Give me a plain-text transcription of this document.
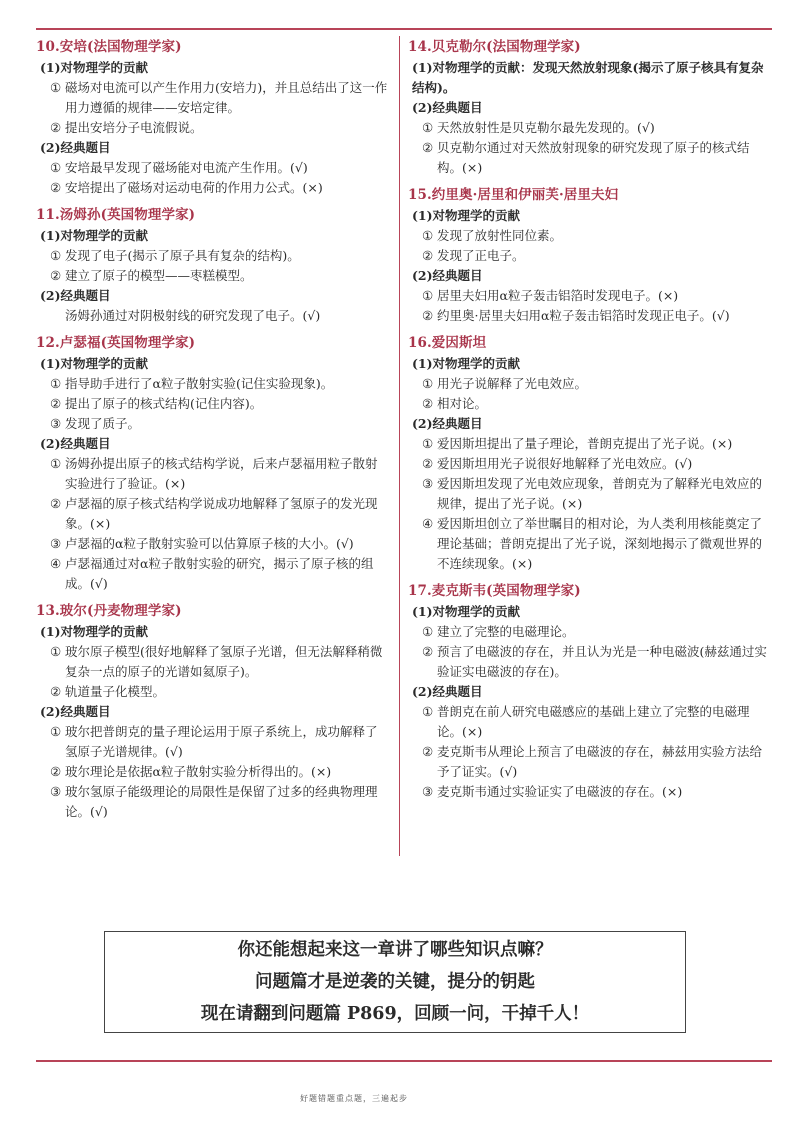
10.安培(法国物理学家)
(1)对物理学的贡献
① 磁场对电流可以产生作用力(安培力)，并且总结出了这一作用力遵循的规律——安培定律。
② 提出安培分子电流假说。
(2)经典题目
① 安培最早发现了磁场能对电流产生作用。(√)
② 安培提出了磁场对运动电荷的作用力公式。(×)
11.汤姆孙(英国物理学家)
(1)对物理学的贡献
① 发现了电子(揭示了原子具有复杂的结构)。
② 建立了原子的模型——枣糕模型。
(2)经典题目
汤姆孙通过对阴极射线的研究发现了电子。(√)
12.卢瑟福(英国物理学家)
(1)对物理学的贡献
① 指导助手进行了α粒子散射实验(记住实验现象)。
② 提出了原子的核式结构(记住内容)。
③ 发现了质子。
(2)经典题目
① 汤姆孙提出原子的核式结构学说，后来卢瑟福用粒子散射实验进行了验证。(×)
② 卢瑟福的原子核式结构学说成功地解释了氢原子的发光现象。(×)
③ 卢瑟福的α粒子散射实验可以估算原子核的大小。(√)
④ 卢瑟福通过对α粒子散射实验的研究，揭示了原子核的组成。(√)
13.玻尔(丹麦物理学家)
(1)对物理学的贡献
① 玻尔原子模型(很好地解释了氢原子光谱，但无法解释稍微复杂一点的原子的光谱如氦原子)。
② 轨道量子化模型。
(2)经典题目
① 玻尔把普朗克的量子理论运用于原子系统上，成功解释了氢原子光谱规律。(√)
② 玻尔理论是依据α粒子散射实验分析得出的。(×)
③ 玻尔氢原子能级理论的局限性是保留了过多的经典物理理论。(√)
14.贝克勒尔(法国物理学家)
(1)对物理学的贡献：发现天然放射现象(揭示了原子核具有复杂结构)。
(2)经典题目
① 天然放射性是贝克勒尔最先发现的。(√)
② 贝克勒尔通过对天然放射现象的研究发现了原子的核式结构。(×)
15.约里奥·居里和伊丽芙·居里夫妇
(1)对物理学的贡献
① 发现了放射性同位素。
② 发现了正电子。
(2)经典题目
① 居里夫妇用α粒子轰击铝箔时发现电子。(×)
② 约里奥·居里夫妇用α粒子轰击铝箔时发现正电子。(√)
16.爱因斯坦
(1)对物理学的贡献
① 用光子说解释了光电效应。
② 相对论。
(2)经典题目
① 爱因斯坦提出了量子理论，普朗克提出了光子说。(×)
② 爱因斯坦用光子说很好地解释了光电效应。(√)
③ 爱因斯坦发现了光电效应现象，普朗克为了解释光电效应的规律，提出了光子说。(×)
④ 爱因斯坦创立了举世瞩目的相对论，为人类利用核能奠定了理论基础；普朗克提出了光子说，深刻地揭示了微观世界的不连续现象。(×)
17.麦克斯韦(英国物理学家)
(1)对物理学的贡献
① 建立了完整的电磁理论。
② 预言了电磁波的存在，并且认为光是一种电磁波(赫兹通过实验证实电磁波的存在)。
(2)经典题目
① 普朗克在前人研究电磁感应的基础上建立了完整的电磁理论。(×)
② 麦克斯韦从理论上预言了电磁波的存在，赫兹用实验方法给予了证实。(√)
③ 麦克斯韦通过实验证实了电磁波的存在。(×)
你还能想起来这一章讲了哪些知识点嘛？
问题篇才是逆袭的关键，提分的钥匙
现在请翻到问题篇 P869，回顾一问，干掉千人！
好题错题重点题，三遍起步
